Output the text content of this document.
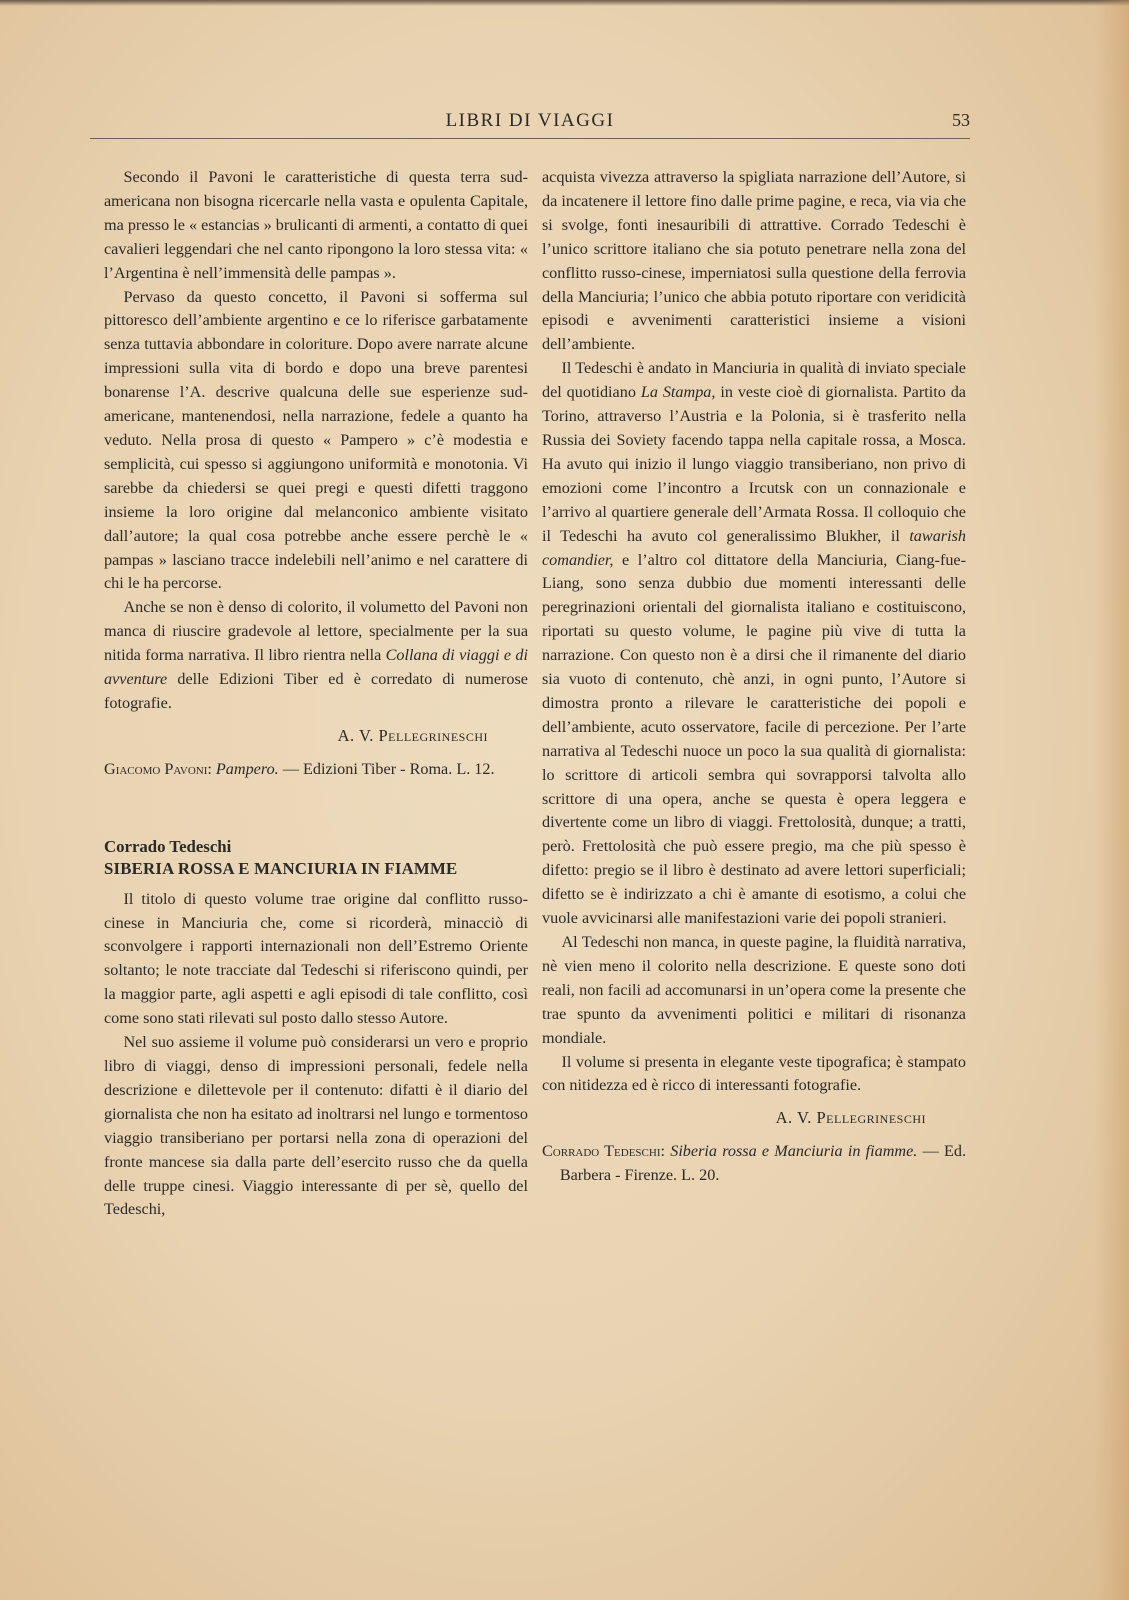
LIBRI DI VIAGGI	53

Secondo il Pavoni le caratteristiche di questa terra sud-americana non bisogna ricercarle nella vasta e opulenta Capitale, ma presso le « estancias » brulicanti di armenti, a contatto di quei cavalieri leggendari che nel canto ripongono la loro stessa vita: « l’Argentina è nell’immensità delle pampas ».

Pervaso da questo concetto, il Pavoni si sofferma sul pittoresco dell’ambiente argentino e ce lo riferisce garbatamente senza tuttavia abbondare in coloriture. Dopo avere narrate alcune impressioni sulla vita di bordo e dopo una breve parentesi bonarense l’A. descrive qualcuna delle sue esperienze sud-americane, mantenendosi, nella narrazione, fedele a quanto ha veduto. Nella prosa di questo « Pampero » c’è modestia e semplicità, cui spesso si aggiungono uniformità e monotonia. Vi sarebbe da chiedersi se quei pregi e questi difetti traggono insieme la loro origine dal melanconico ambiente visitato dall’autore; la qual cosa potrebbe anche essere perchè le « pampas » lasciano tracce indelebili nell’animo e nel carattere di chi le ha percorse.

Anche se non è denso di colorito, il volumetto del Pavoni non manca di riuscire gradevole al lettore, specialmente per la sua nitida forma narrativa. Il libro rientra nella Collana di viaggi e di avventure delle Edizioni Tiber ed è corredato di numerose fotografie.

A. V. Pellegrineschi
Giacomo Pavoni: Pampero. — Edizioni Tiber - Roma. L. 12.
Corrado Tedeschi
SIBERIA ROSSA E MANCIURIA IN FIAMME

Il titolo di questo volume trae origine dal conflitto russo-cinese in Manciuria che, come si ricorderà, minacciò di sconvolgere i rapporti internazionali non dell’Estremo Oriente soltanto; le note tracciate dal Tedeschi si riferiscono quindi, per la maggior parte, agli aspetti e agli episodi di tale conflitto, così come sono stati rilevati sul posto dallo stesso Autore.

Nel suo assieme il volume può considerarsi un vero e proprio libro di viaggi, denso di impressioni personali, fedele nella descrizione e dilettevole per il contenuto: difatti è il diario del giornalista che non ha esitato ad inoltrarsi nel lungo e tormentoso viaggio transiberiano per portarsi nella zona di operazioni del fronte mancese sia dalla parte dell’esercito russo che da quella delle truppe cinesi. Viaggio interessante di per sè, quello del Tedeschi,

acquista vivezza attraverso la spigliata narrazione dell’Autore, si da incatenere il lettore fino dalle prime pagine, e reca, via via che si svolge, fonti inesauribili di attrattive. Corrado Tedeschi è l’unico scrittore italiano che sia potuto penetrare nella zona del conflitto russo-cinese, imperniatosi sulla questione della ferrovia della Manciuria; l’unico che abbia potuto riportare con veridicità episodi e avvenimenti caratteristici insieme a visioni dell’ambiente.

Il Tedeschi è andato in Manciuria in qualità di inviato speciale del quotidiano La Stampa, in veste cioè di giornalista. Partito da Torino, attraverso l’Austria e la Polonia, si è trasferito nella Russia dei Soviety facendo tappa nella capitale rossa, a Mosca. Ha avuto qui inizio il lungo viaggio transiberiano, non privo di emozioni come l’incontro a Ircutsk con un connazionale e l’arrivo al quartiere generale dell’Armata Rossa. Il colloquio che il Tedeschi ha avuto col generalissimo Blukher, il tawarish comandier, e l’altro col dittatore della Manciuria, Ciang-fue-Liang, sono senza dubbio due momenti interessanti delle peregrinazioni orientali del giornalista italiano e costituiscono, riportati su questo volume, le pagine più vive di tutta la narrazione. Con questo non è a dirsi che il rimanente del diario sia vuoto di contenuto, chè anzi, in ogni punto, l’Autore si dimostra pronto a rilevare le caratteristiche dei popoli e dell’ambiente, acuto osservatore, facile di percezione. Per l’arte narrativa al Tedeschi nuoce un poco la sua qualità di giornalista: lo scrittore di articoli sembra qui sovrapporsi talvolta allo scrittore di una opera, anche se questa è opera leggera e divertente come un libro di viaggi. Frettolosità, dunque; a tratti, però. Frettolosità che può essere pregio, ma che più spesso è difetto: pregio se il libro è destinato ad avere lettori superficiali; difetto se è indirizzato a chi è amante di esotismo, a colui che vuole avvicinarsi alle manifestazioni varie dei popoli stranieri.

Al Tedeschi non manca, in queste pagine, la fluidità narrativa, nè vien meno il colorito nella descrizione. E queste sono doti reali, non facili ad accomunarsi in un’opera come la presente che trae spunto da avvenimenti politici e militari di risonanza mondiale.

Il volume si presenta in elegante veste tipografica; è stampato con nitidezza ed è ricco di interessanti fotografie.

A. V. Pellegrineschi
Corrado Tedeschi: Siberia rossa e Manciuria in fiamme. — Ed. Barbera - Firenze. L. 20.
